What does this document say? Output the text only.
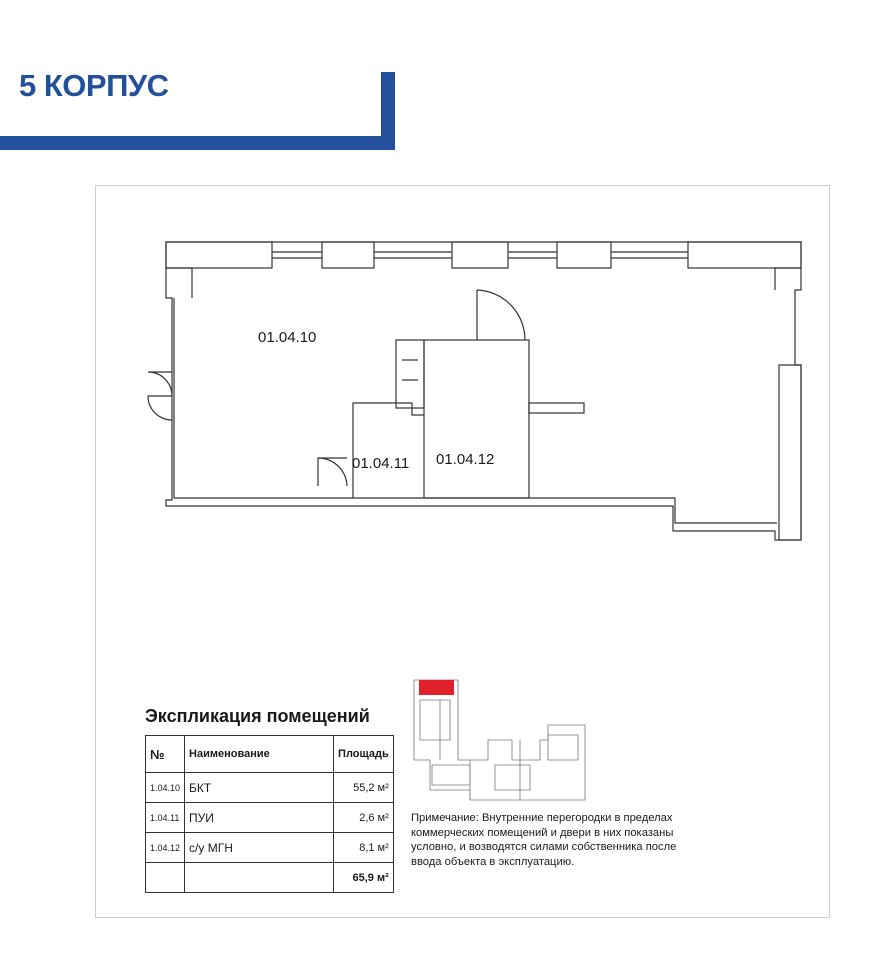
5 КОРПУС
01.04.10
01.04.11 01.04.12
Экспликация помещений
№	Наименование	Площадь
1.04.10	БКТ	55,2 м²
1.04.11	ПУИ	2,6 м²
1.04.12	с/у МГН	8,1 м²
		65,9 м²
Примечание: Внутренние перегородки в пределах коммерческих помещений и двери в них показаны условно, и возводятся силами собственника после ввода объекта в эксплуатацию.
